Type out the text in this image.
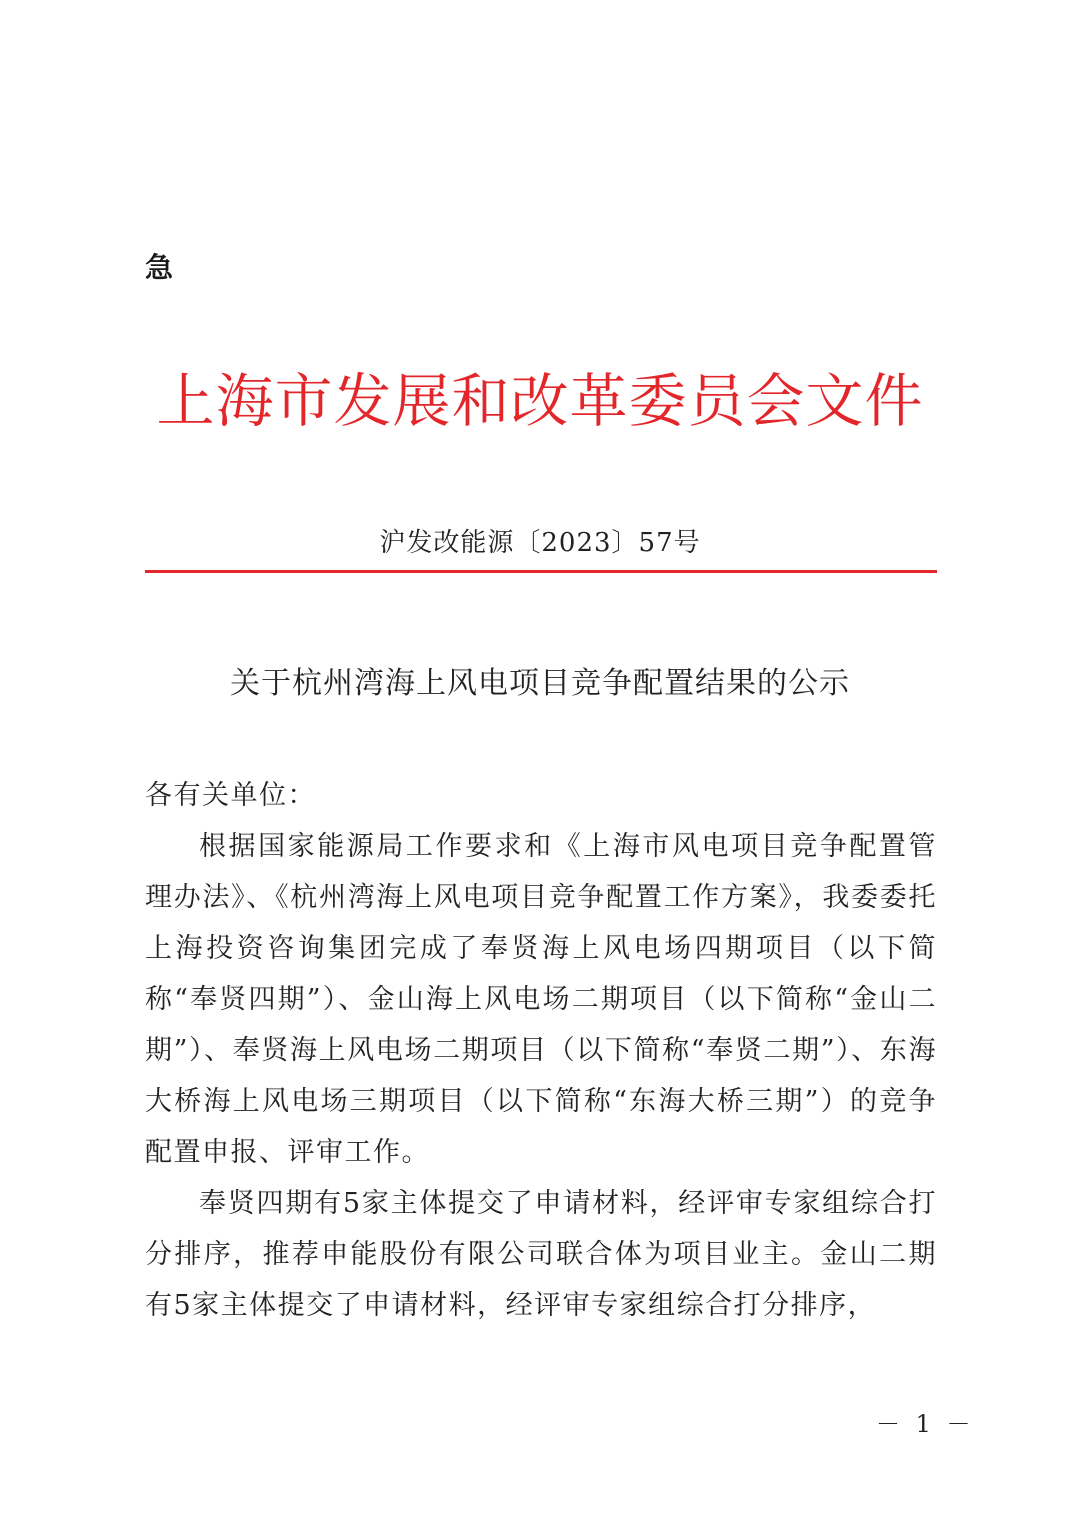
急
上海市发展和改革委员会文件
沪发改能源〔2023〕57号
关于杭州湾海上风电项目竞争配置结果的公示

各有关单位：

根据国家能源局工作要求和《上海市风电项目竞争配置管理办法》、《杭州湾海上风电项目竞争配置工作方案》，我委委托上海投资咨询集团完成了奉贤海上风电场四期项目（以下简称“奉贤四期”）、金山海上风电场二期项目（以下简称“金山二期”）、奉贤海上风电场二期项目（以下简称“奉贤二期”）、东海大桥海上风电场三期项目（以下简称“东海大桥三期”）的竞争配置申报、评审工作。

奉贤四期有5家主体提交了申请材料，经评审专家组综合打分排序，推荐申能股份有限公司联合体为项目业主。金山二期有5家主体提交了申请材料，经评审专家组综合打分排序，

－ 1 －
